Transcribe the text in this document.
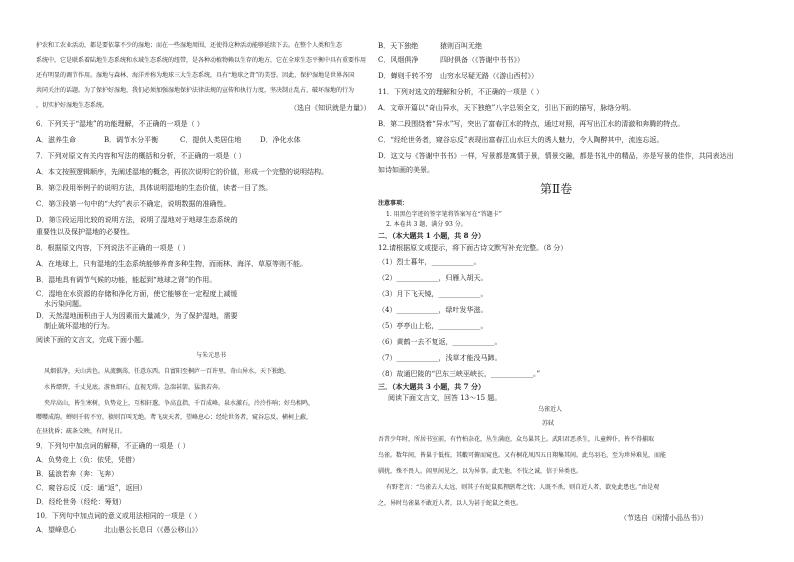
护农和工农业活动，都是要依靠不少的湿地；而在一些湿地周围，还使得这种活动能够延续下去。在整个人类和生态
系统中，它是联系着陆地生态系统和水域生态系统的纽带，是各种动植物赖以生存的地方，它在全球生态平衡中具有重要作用
还有明显的调节作用。湿地与森林、海洋并称为地球三大生态系统，具有“地球之肾”的美誉。因此，保护湿地是世界各国
共同关注的话题。为了保护好湿地，我们必须加强湿地保护法律法规的宣传和执行力度，坚决制止乱占、破坏湿地的行为
，切实护好湿地生态系统。	（选自《知识就是力量》）
6．下列关于“湿地”的功能理解，不正确的一项是（ ）
A．滋养生命	B．调节水分平衡	C．提供人类居住地	D．净化水体
7．下列对原文有关内容和写法的概括和分析，不正确的一项是（ ）
A．本文按照逻辑顺序，先阐述湿地的概念，再依次说明它的价值，形成一个完整的说明结构。
B．第②段用举例子的说明方法，具体说明湿地的生态价值，读者一目了然。
C．第③段第一句中的“大约”表示不确定，说明数据的准确性。
D．第⑤段运用比较的说明方法，说明了湿地对于地球生态系统的
重要性以及保护湿地的必要性。
8．根据原文内容，下列说法不正确的一项是（ ）
A．在地球上，只有湿地的生态系统能够养育多种生物，而雨林、海洋、草原等则不能。
B．湿地具有调节气候的功能，能起到“地球之肾”的作用。
C．湿地在水资源的存储和净化方面，使它能够在一定程度上减缓
水污染问题。
D．天然湿地面积由于人为因素而大量减少，为了保护湿地，需要
制止破坏湿地的行为。
阅读下面的文言文，完成下面小题。
与朱元思书
风烟俱净，天山共色。从流飘荡，任意东西。自富阳至桐庐一百许里，奇山异水，天下独绝。
水皆缥碧，千丈见底。游鱼细石，直视无碍。急湍甚箭，猛浪若奔。
夹岸高山，皆生寒树，负势竞上，互相轩邈，争高直指，千百成峰。泉水激石，泠泠作响；好鸟相鸣，
嘤嘤成韵。蝉则千转不穷，猿则百叫无绝。鸢飞戾天者，望峰息心；经纶世务者，窥谷忘反。横柯上蔽，
在昼犹昏；疏条交映，有时见日。
9．下列句中加点词的解释，不正确的一项是（ ）
A．负势竞上（负：依凭，凭借）
B．猛浪若奔（奔：飞奔）
C．窥谷忘反（反：通“返”，返回）
D．经纶世务（经纶：筹划）
10．下列句中加点词的意义或用法相同的一项是（ ）
A．望峰息心	北山愚公长息曰（《愚公移山》）
B．天下独绝	猿则百叫无绝
C．风烟俱净	四时俱备（《答谢中书书》）
D．蝉则千转不穷 山穷水尽疑无路（《游山西村》）
11．下列对选文的理解和分析，不正确的一项是（ ）
A．文章开篇以“奇山异水，天下独绝”八字总领全文，引出下面的描写，脉络分明。
B．第二段围绕着“异水”写，突出了富春江水的特点，通过对照，再写出江水的清澈和奔腾的特点。
C．“经纶世务者，窥谷忘反”表现出富春江山水巨大的诱人魅力，令人陶醉其中，流连忘返。
D．这文与《答谢中书书》一样，写景都是寓情于景，情景交融，都是书礼中的精品，亦是写景的佳作，共同表达出
如诗如画的美景。
第Ⅱ卷
注意事项：
1. 用黑色字迹的签字笔将答案写在“答题卡”
2. 本卷共 3 题，满分 93 分。
二．（本大题共 1 小题，共 8 分）
12.请根据原文或提示，将下面古诗文默写补充完整。（8 分）
（1）烈士暮年，____________。
（2）____________，归雁入胡天。
（3）月下飞天镜，____________。
（4）____________，绿叶发华滋。
（5）亭亭山上松，____________。
（6）黄鹤一去不复返，____________。
（7）____________，浅草才能没马蹄。
（8）故通巴陵的“巴东三峡巫峡长，____________。”
三．（本大题共 3 小题，共 7 分）
阅读下面文言文，回答 13～15 题。
乌雀近人
苏轼
吾昔少年时，所居书室前，有竹柏杂花，丛生满庭，众鸟巢其上。武阳君恶杀生，儿童婢仆，皆不得捕取
鸟雀。数年间，皆巢于低枝，其鷇可俯而窥也。又有桐花凤四五日翔集其间。此鸟羽毛，至为珍异难见，而能
驯扰，殊不畏人。闾里间见之，以为异事。此无他，不忮之诚，信于异类也。
有野老言：“鸟雀去人太远，则其子有蛇鼠狐狸鸱鸢之忧；人既不杀，则自近人者，欲免此患也。”由是观
之，异时鸟雀巢不敢近人者，以人为甚于蛇鼠之类也。
（节选自《闲情小品丛书》）
